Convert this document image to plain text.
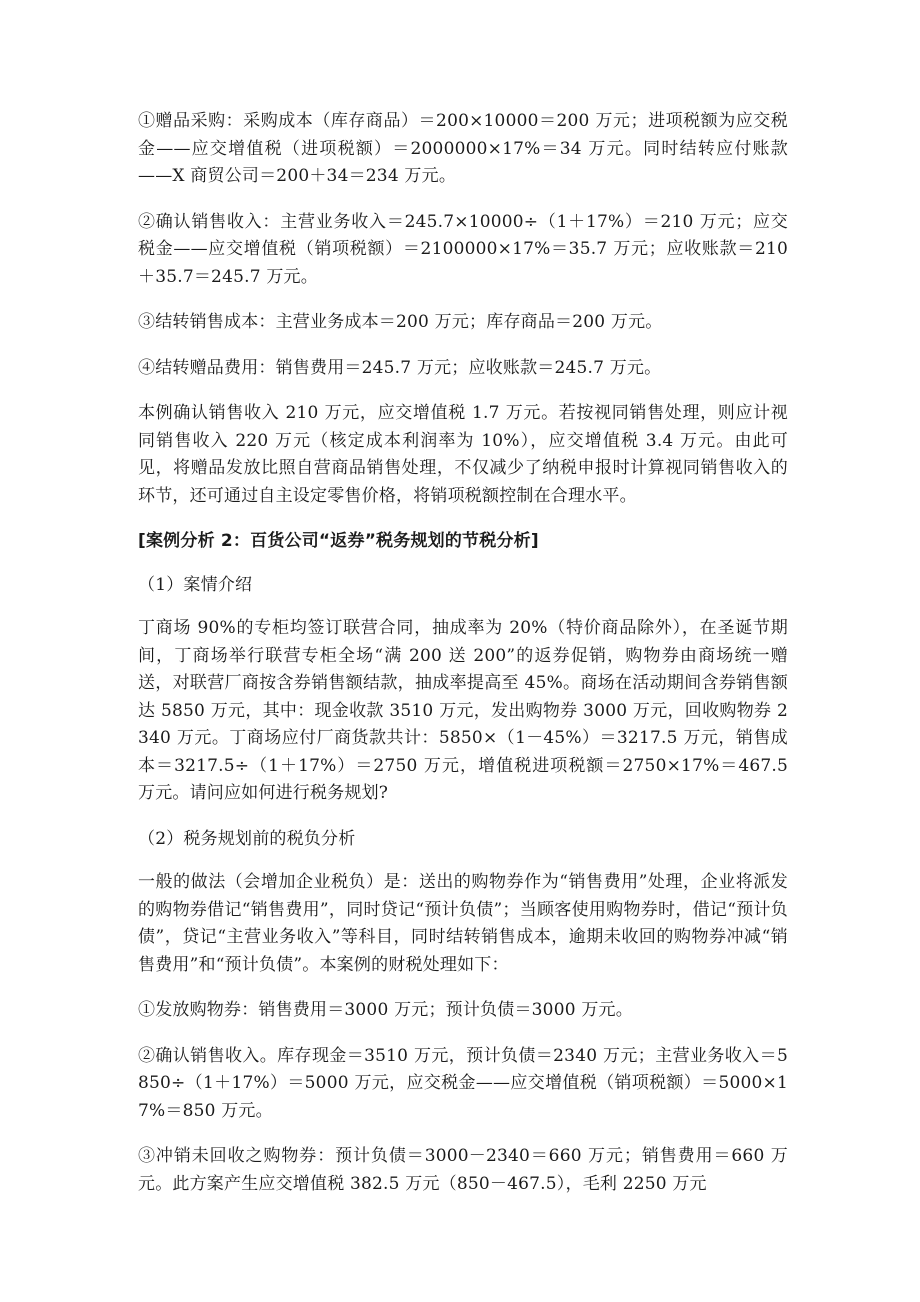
①赠品采购：采购成本（库存商品）＝200×10000＝200 万元；进项税额为应交税金——应交增值税（进项税额）＝2000000×17%＝34 万元。同时结转应付账款——X 商贸公司＝200＋34＝234 万元。

②确认销售收入：主营业务收入＝245.7×10000÷（1＋17%）＝210 万元；应交税金——应交增值税（销项税额）＝2100000×17%＝35.7 万元；应收账款＝210＋35.7＝245.7 万元。

③结转销售成本：主营业务成本＝200 万元；库存商品＝200 万元。

④结转赠品费用：销售费用＝245.7 万元；应收账款＝245.7 万元。

本例确认销售收入 210 万元，应交增值税 1.7 万元。若按视同销售处理，则应计视同销售收入 220 万元（核定成本利润率为 10%），应交增值税 3.4 万元。由此可见，将赠品发放比照自营商品销售处理，不仅减少了纳税申报时计算视同销售收入的环节，还可通过自主设定零售价格，将销项税额控制在合理水平。

[案例分析 2：百货公司“返券”税务规划的节税分析]

（1）案情介绍

丁商场 90%的专柜均签订联营合同，抽成率为 20%（特价商品除外），在圣诞节期间，丁商场举行联营专柜全场“满 200 送 200”的返券促销，购物券由商场统一赠送，对联营厂商按含券销售额结款，抽成率提高至 45%。商场在活动期间含券销售额达 5850 万元，其中：现金收款 3510 万元，发出购物券 3000 万元，回收购物券 2340 万元。丁商场应付厂商货款共计：5850×（1－45%）＝3217.5 万元，销售成本＝3217.5÷（1＋17%）＝2750 万元，增值税进项税额＝2750×17%＝467.5 万元。请问应如何进行税务规划?

（2）税务规划前的税负分析

一般的做法（会增加企业税负）是：送出的购物券作为“销售费用”处理，企业将派发的购物券借记“销售费用”，同时贷记“预计负债”；当顾客使用购物券时，借记“预计负债”，贷记“主营业务收入”等科目，同时结转销售成本，逾期未收回的购物券冲减“销售费用”和“预计负债”。本案例的财税处理如下：

①发放购物券：销售费用＝3000 万元；预计负债＝3000 万元。

②确认销售收入。库存现金＝3510 万元，预计负债＝2340 万元；主营业务收入＝5850÷（1＋17%）＝5000 万元，应交税金——应交增值税（销项税额）＝5000×17%＝850 万元。

③冲销未回收之购物券：预计负债＝3000－2340＝660 万元；销售费用＝660 万元。此方案产生应交增值税 382.5 万元（850－467.5），毛利 2250 万元
